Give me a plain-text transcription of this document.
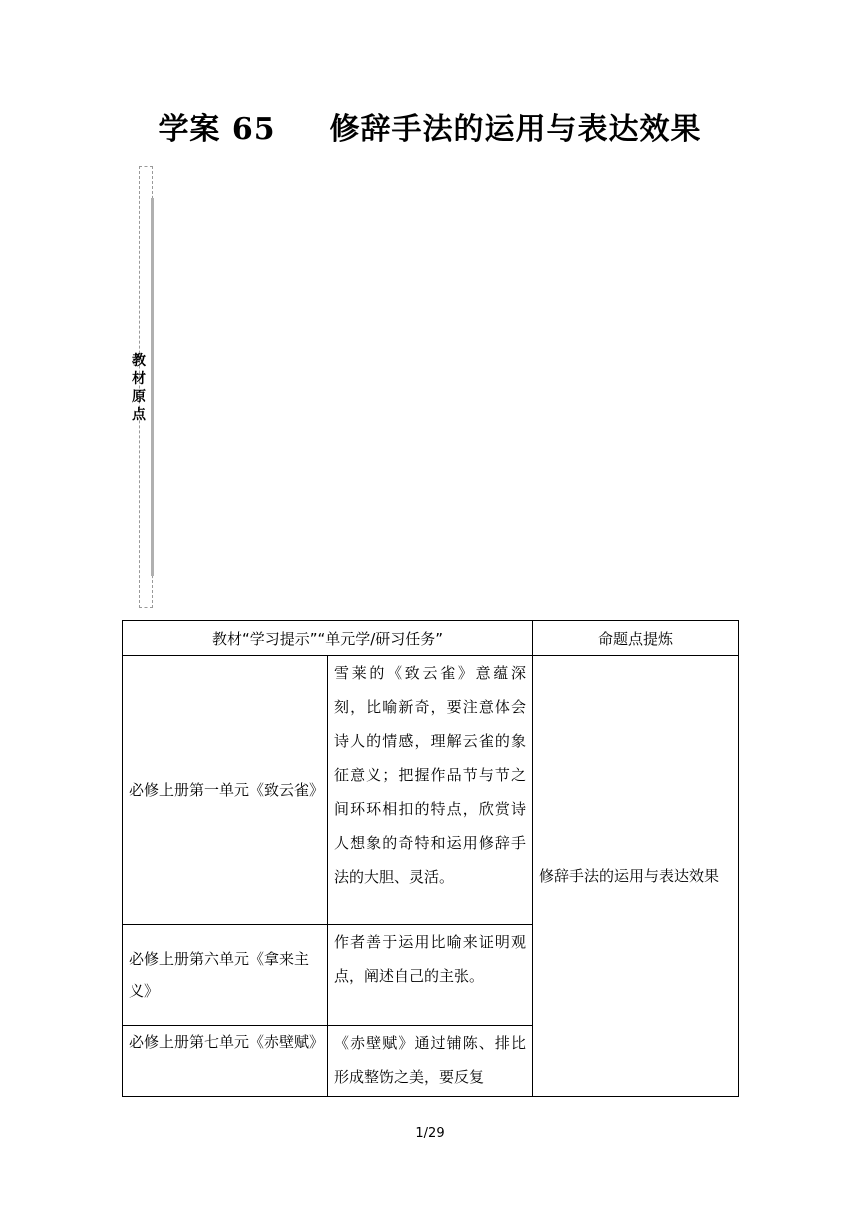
学案 65 　 修辞手法的运用与表达效果
教材原点
教材“学习提示”“单元学/研习任务”		命题点提炼
必修上册第一单元《致云雀》	雪莱的《致云雀》意蕴深刻，比喻新奇，要注意体会诗人的情感，理解云雀的象征意义；把握作品节与节之间环环相扣的特点，欣赏诗人想象的奇特和运用修辞手法的大胆、灵活。	修辞手法的运用与表达效果
必修上册第六单元《拿来主义》	作者善于运用比喻来证明观点，阐述自己的主张。	
必修上册第七单元《赤壁赋》	《赤壁赋》通过铺陈、排比形成整饬之美，要反复	
1/29
